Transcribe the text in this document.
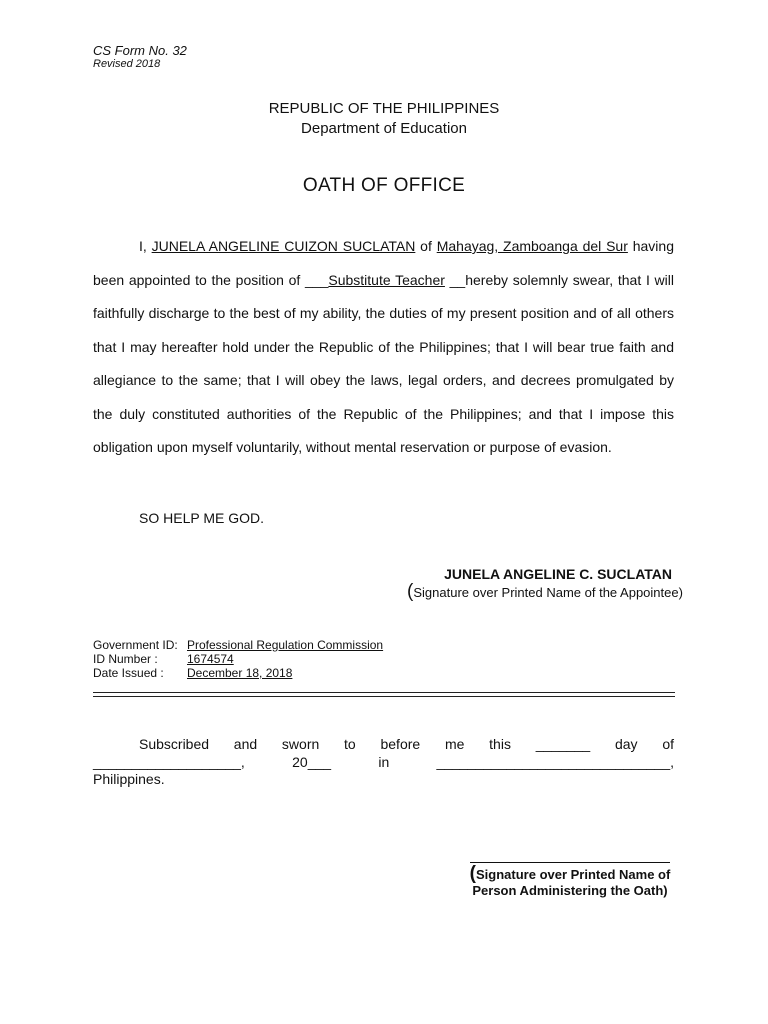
CS Form No. 32
Revised 2018
REPUBLIC OF THE PHILIPPINES
Department of Education
OATH OF OFFICE
I, JUNELA ANGELINE CUIZON SUCLATAN of Mahayag, Zamboanga del Sur having been appointed to the position of ___Substitute Teacher __hereby solemnly swear, that I will faithfully discharge to the best of my ability, the duties of my present position and of all others that I may hereafter hold under the Republic of the Philippines; that I will bear true faith and allegiance to the same; that I will obey the laws, legal orders, and decrees promulgated by the duly constituted authorities of the Republic of the Philippines; and that I impose this obligation upon myself voluntarily, without mental reservation or purpose of evasion.
SO HELP ME GOD.
JUNELA ANGELINE C. SUCLATAN
(Signature over Printed Name of the Appointee)
Government ID: Professional Regulation Commission
ID Number : 1674574
Date Issued : December 18, 2018
Subscribed and sworn to before me this _______ day of
___________________, 20___ in ______________________________,
Philippines.
(Signature over Printed Name of Person Administering the Oath)
